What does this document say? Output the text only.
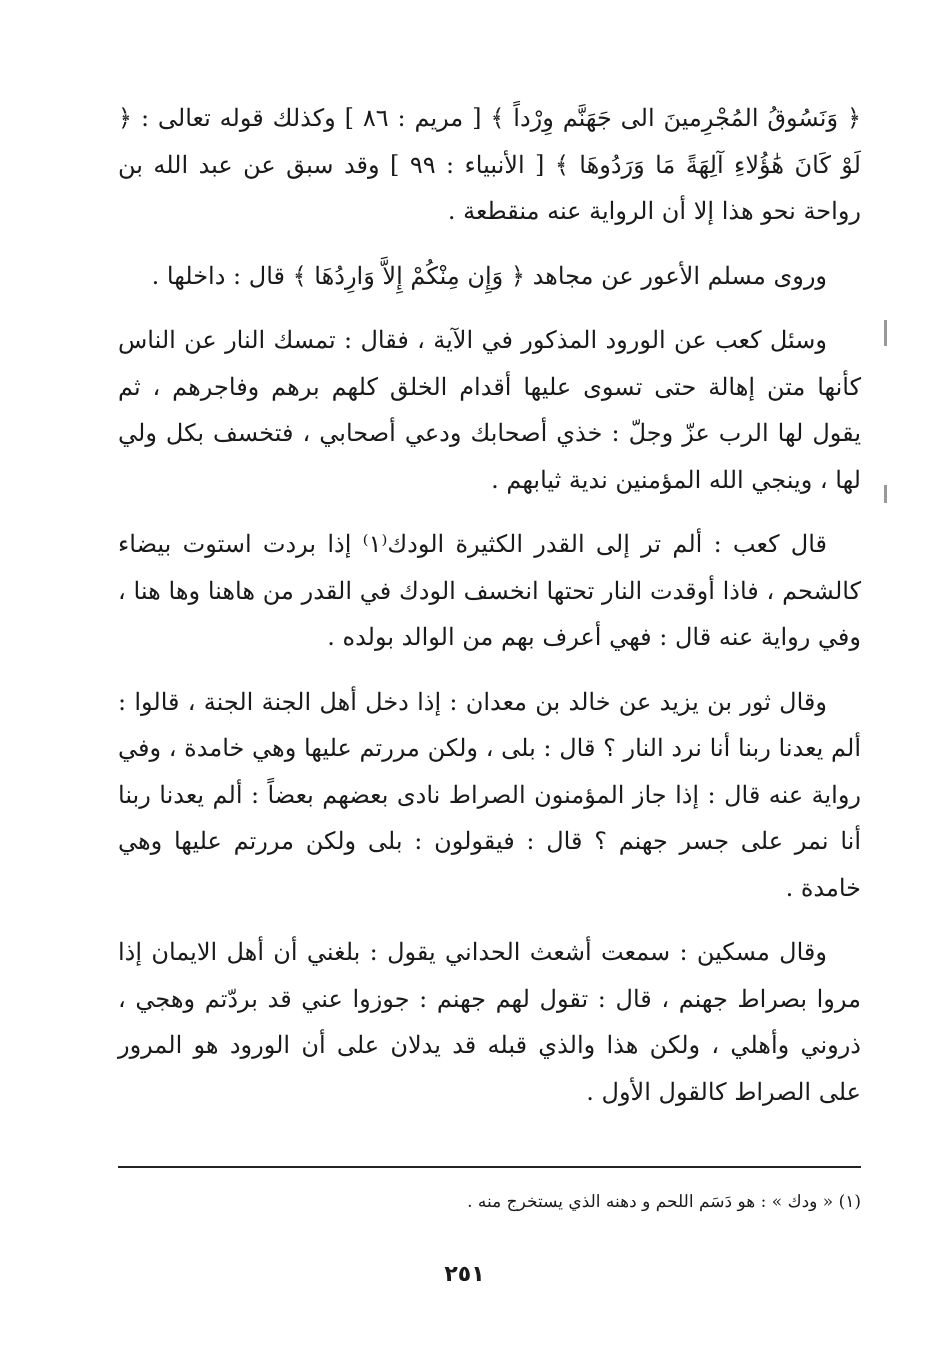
﴿ وَنَسُوقُ المُجْرِمينَ الى جَهَنَّم وِرْداً ﴾ [ مريم : ٨٦ ] وكذلك قوله تعالى : ﴿ لَوْ كَانَ هَٰؤُلاءِ آلِهَةً مَا وَرَدُوهَا ﴾ [ الأنبياء : ٩٩ ] وقد سبق عن عبد الله بن رواحة نحو هذا إلا أن الرواية عنه منقطعة .

وروى مسلم الأعور عن مجاهد ﴿ وَإِن مِنْكُمْ إِلاَّ وَارِدُهَا ﴾ قال : داخلها .

وسئل كعب عن الورود المذكور في الآية ، فقال : تمسك النار عن الناس كأنها متن إهالة حتى تسوى عليها أقدام الخلق كلهم برهم وفاجرهم ، ثم يقول لها الرب عزّ وجلّ : خذي أصحابك ودعي أصحابي ، فتخسف بكل ولي لها ، وينجي الله المؤمنين ندية ثيابهم .

قال كعب : ألم تر إلى القدر الكثيرة الودك⁽١⁾ إذا بردت استوت بيضاء كالشحم ، فاذا أوقدت النار تحتها انخسف الودك في القدر من هاهنا وها هنا ، وفي رواية عنه قال : فهي أعرف بهم من الوالد بولده .

وقال ثور بن يزيد عن خالد بن معدان : إذا دخل أهل الجنة الجنة ، قالوا : ألم يعدنا ربنا أنا نرد النار ؟ قال : بلى ، ولكن مررتم عليها وهي خامدة ، وفي رواية عنه قال : إذا جاز المؤمنون الصراط نادى بعضهم بعضاً : ألم يعدنا ربنا أنا نمر على جسر جهنم ؟ قال : فيقولون : بلى ولكن مررتم عليها وهي خامدة .

وقال مسكين : سمعت أشعث الحداني يقول : بلغني أن أهل الايمان إذا مروا بصراط جهنم ، قال : تقول لهم جهنم : جوزوا عني قد بردّتم وهجي ، ذروني وأهلي ، ولكن هذا والذي قبله قد يدلان على أن الورود هو المرور على الصراط كالقول الأول .

(١) « ودك » : هو دَسَم اللحم و دهنه الذي يستخرج منه .
٢٥١
